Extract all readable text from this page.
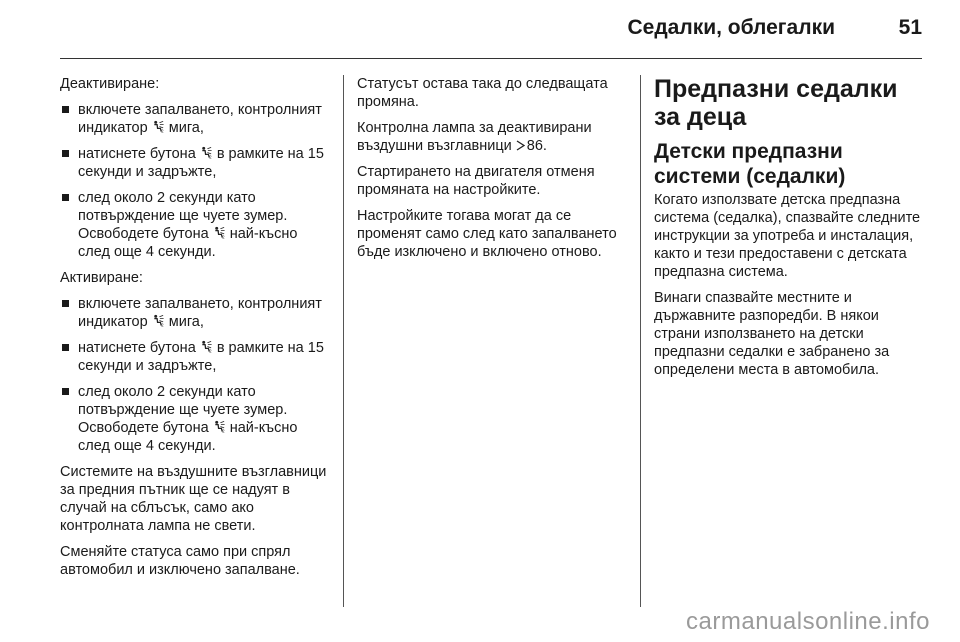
Седалки, облегалки	51

Деактивиране:

включете запалването, контролният индикатор 2 мига,
натиснете бутона 2 в рамките на 15 секунди и задръжте,
след около 2 секунди като потвърждение ще чуете зумер. Освободете бутона 2 най-късно след още 4 секунди.

Активиране:

включете запалването, контролният индикатор 2 мига,
натиснете бутона 2 в рамките на 15 секунди и задръжте,
след около 2 секунди като потвърждение ще чуете зумер. Освободете бутона 2 най-късно след още 4 секунди.

Системите на въздушните възглавници за предния пътник ще се надуят в случай на сблъсък, само ако контролната лампа не свети.

Сменяйте статуса само при спрял автомобил и изключено запалване.

Статусът остава така до следващата промяна.

Контролна лампа за деактивирани въздушни възглавници 86.

Стартирането на двигателя отменя промяната на настройките.

Настройките тогава могат да се променят само след като запалването бъде изключено и включено отново.

Предпазни седалки за деца
Детски предпазни системи (седалки)

Когато използвате детска предпазна система (седалка), спазвайте следните инструкции за употреба и инсталация, както и тези предоставени с детската предпазна система.

Винаги спазвайте местните и държавните разпоредби. В някои страни използването на детски предпазни седалки е забранено за определени места в автомобила.

carmanualsonline.info
